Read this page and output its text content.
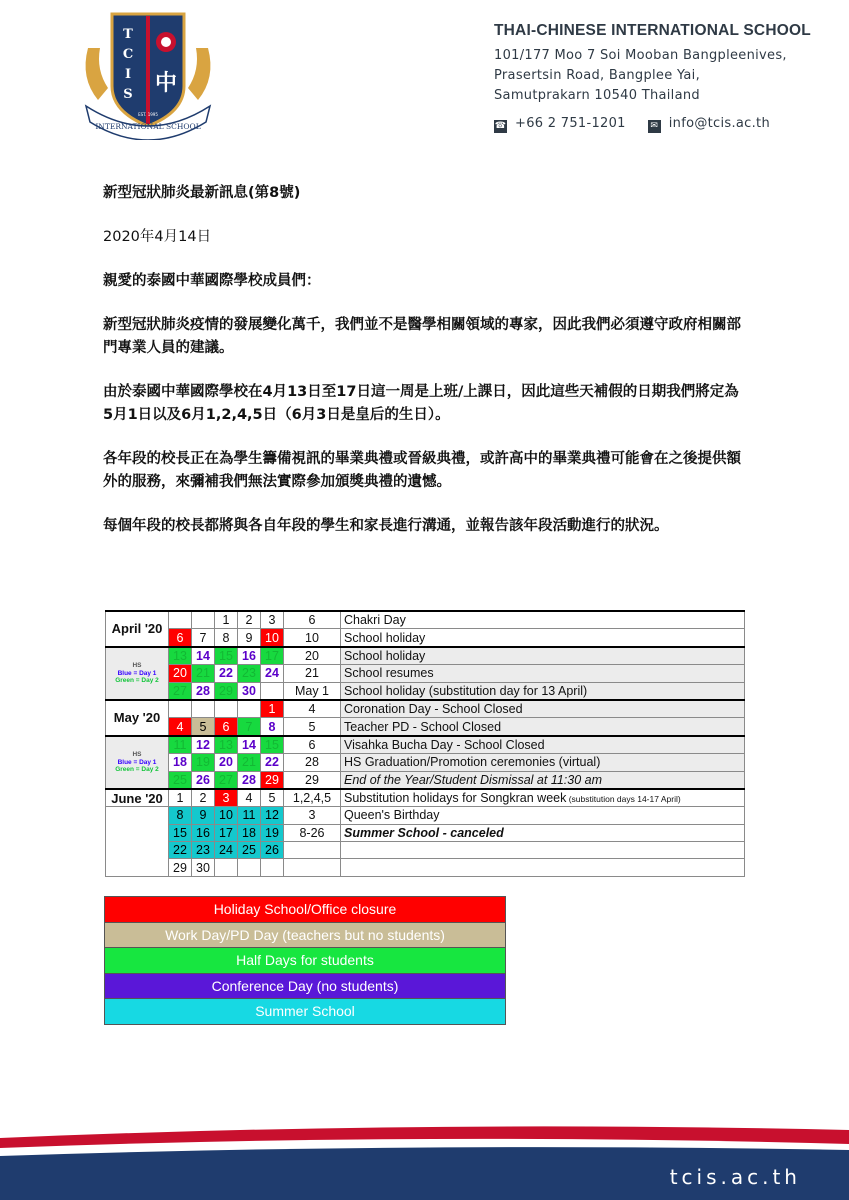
T
C
I
S 中
EST. 1995
INTERNATIONAL SCHOOL
THAI-CHINESE INTERNATIONAL SCHOOL
101/177 Moo 7 Soi Mooban Bangpleenives,
Prasertsin Road, Bangplee Yai,
Samutprakarn 10540 Thailand
☎ +66 2 751-1201	✉ info@tcis.ac.th

新型冠狀肺炎最新訊息(第8號)

2020年4月14日

親愛的泰國中華國際學校成員們：

新型冠狀肺炎疫情的發展變化萬千，我們並不是醫學相關領域的專家，因此我們必須遵守政府相關部門專業人員的建議。

由於泰國中華國際學校在4月13日至17日這一周是上班/上課日，因此這些天補假的日期我們將定為5月1日以及6月1,2,4,5日（6月3日是皇后的生日）。

各年段的校長正在為學生籌備視訊的畢業典禮或晉級典禮，或許高中的畢業典禮可能會在之後提供額外的服務，來彌補我們無法實際參加頒獎典禮的遺憾。

每個年段的校長都將與各自年段的學生和家長進行溝通，並報告該年段活動進行的狀況。

April '20			1	2	3	6	Chakri Day
	6	7	8	9	10	10	School holiday

HS
Blue = Day 1
Green = Day 2	13	14	15	16	17	20	School holiday
	20	21	22	23	24	21	School resumes
	27	28	29	30		May 1	School holiday (substitution day for 13 April)
May '20					1	4	Coronation Day - School Closed
	4	5	6	7	8	5	Teacher PD - School Closed

HS
Blue = Day 1
Green = Day 2	11	12	13	14	15	6	Visahka Bucha Day - School Closed
	18	19	20	21	22	28	HS Graduation/Promotion ceremonies (virtual)
	25	26	27	28	29	29	End of the Year/Student Dismissal at 11:30 am
June '20	1	2	3	4	5	1,2,4,5	Substitution holidays for Songkran week (substitution days 14-17 April)
	8	9	10	11	12	3	Queen's Birthday
	15	16	17	18	19	8-26	Summer School - canceled
	22	23	24	25	26		
	29	30					
Holiday School/Office closure
Work Day/PD Day (teachers but no students)
Half Days for students
Conference Day (no students)
Summer School
tcis.ac.th
